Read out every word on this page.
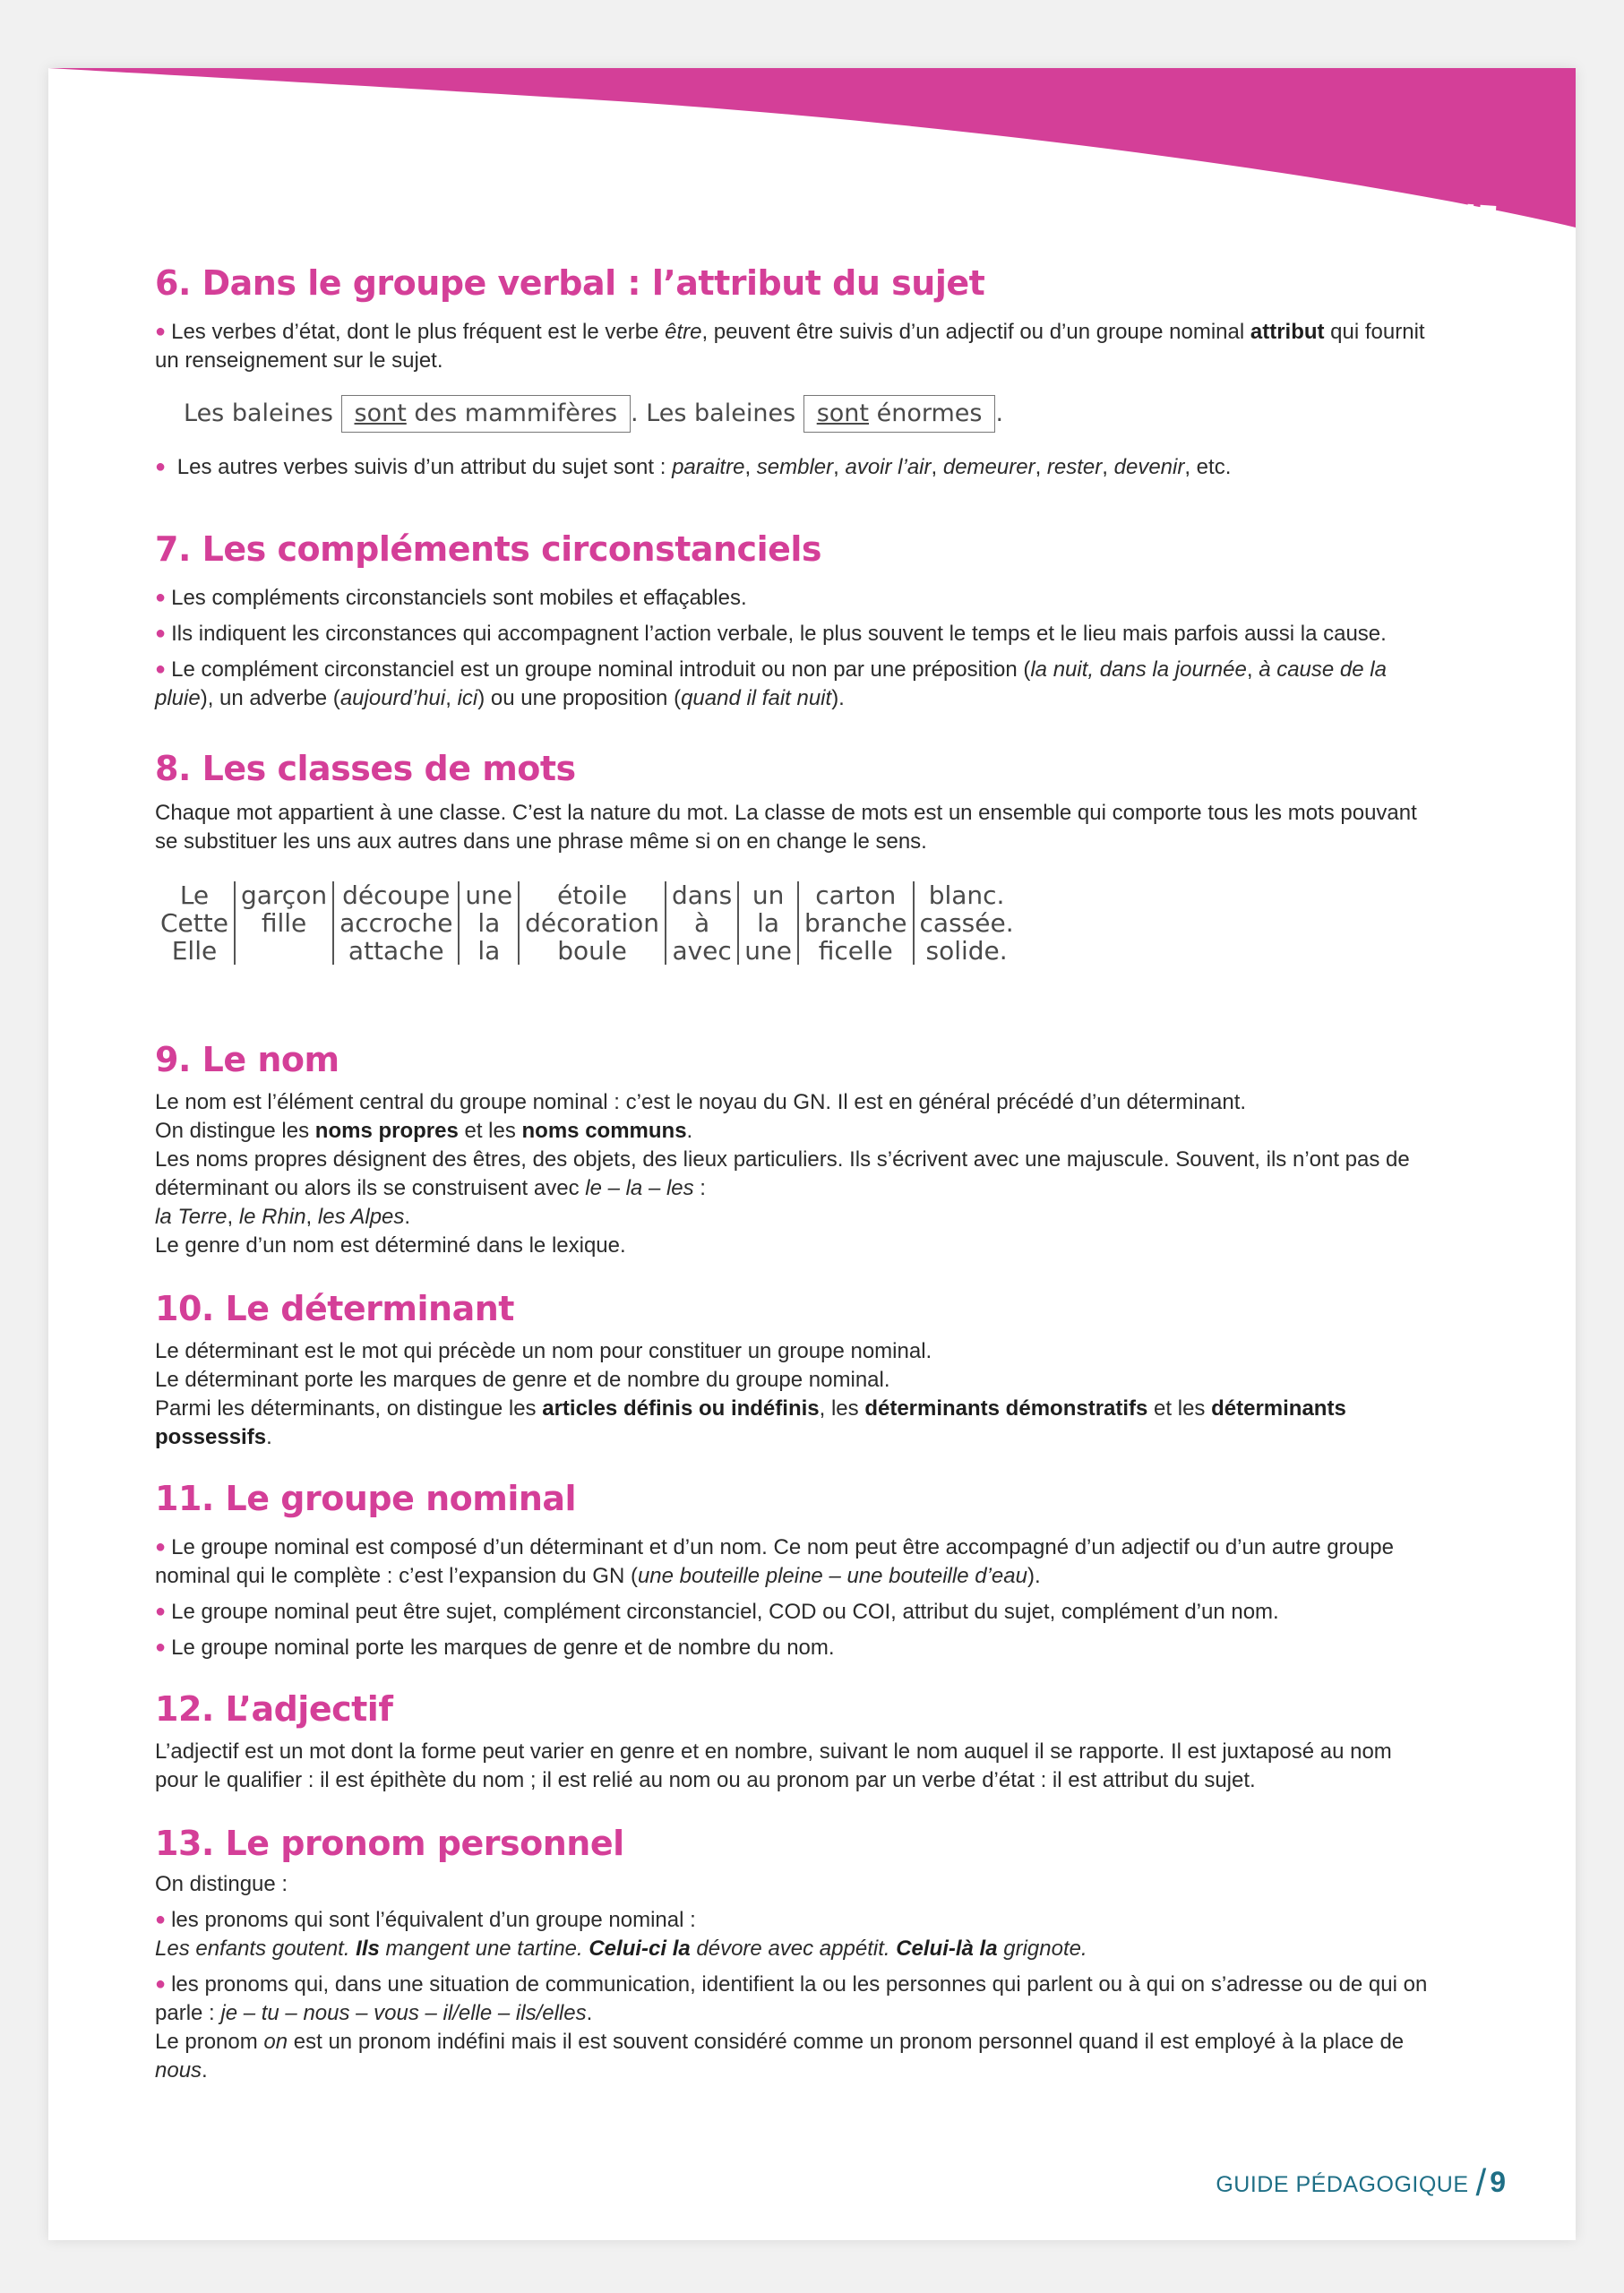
GUIDE PÉDAGOGIQUE
6. Dans le groupe verbal : l’attribut du sujet

● Les verbes d’état, dont le plus fréquent est le verbe être, peuvent être suivis d’un adjectif ou d’un groupe nominal attribut qui fournit un renseignement sur le sujet.

Les baleines sont des mammifères . Les baleines sont énormes .

● Les autres verbes suivis d’un attribut du sujet sont : paraitre, sembler, avoir l’air, demeurer, rester, devenir, etc.

7. Les compléments circonstanciels

● Les compléments circonstanciels sont mobiles et effaçables.

● Ils indiquent les circonstances qui accompagnent l’action verbale, le plus souvent le temps et le lieu mais parfois aussi la cause.

● Le complément circonstanciel est un groupe nominal introduit ou non par une préposition (la nuit, dans la journée, à cause de la pluie), un adverbe (aujourd’hui, ici) ou une proposition (quand il fait nuit).

8. Les classes de mots

Chaque mot appartient à une classe. C’est la nature du mot. La classe de mots est un ensemble qui comporte tous les mots pouvant se substituer les uns aux autres dans une phrase même si on en change le sens.

Le
Cette
Elle
garçon
fille

découpe
accroche
attache
une
la
la
étoile
décoration
boule
dans
à
avec
un
la
une
carton
branche
ficelle
blanc.
cassée.
solide.
9. Le nom

Le nom est l’élément central du groupe nominal : c’est le noyau du GN. Il est en général précédé d’un déterminant.

On distingue les noms propres et les noms communs.

Les noms propres désignent des êtres, des objets, des lieux particuliers. Ils s’écrivent avec une majuscule. Souvent, ils n’ont pas de déterminant ou alors ils se construisent avec le – la – les :

la Terre, le Rhin, les Alpes.

Le genre d’un nom est déterminé dans le lexique.

10. Le déterminant

Le déterminant est le mot qui précède un nom pour constituer un groupe nominal.

Le déterminant porte les marques de genre et de nombre du groupe nominal.

Parmi les déterminants, on distingue les articles définis ou indéfinis, les déterminants démonstratifs et les déterminants possessifs.

11. Le groupe nominal

● Le groupe nominal est composé d’un déterminant et d’un nom. Ce nom peut être accompagné d’un adjectif ou d’un autre groupe nominal qui le complète : c’est l’expansion du GN (une bouteille pleine – une bouteille d’eau).

● Le groupe nominal peut être sujet, complément circonstanciel, COD ou COI, attribut du sujet, complément d’un nom.

● Le groupe nominal porte les marques de genre et de nombre du nom.

12. L’adjectif

L’adjectif est un mot dont la forme peut varier en genre et en nombre, suivant le nom auquel il se rapporte. Il est juxtaposé au nom pour le qualifier : il est épithète du nom ; il est relié au nom ou au pronom par un verbe d’état : il est attribut du sujet.

13. Le pronom personnel

On distingue :

● les pronoms qui sont l’équivalent d’un groupe nominal :

Les enfants goutent. Ils mangent une tartine. Celui-ci la dévore avec appétit. Celui-là la grignote.

● les pronoms qui, dans une situation de communication, identifient la ou les personnes qui parlent ou à qui on s’adresse ou de qui on parle : je – tu – nous – vous – il/elle – ils/elles.

Le pronom on est un pronom indéfini mais il est souvent considéré comme un pronom personnel quand il est employé à la place de nous.

GUIDE PÉDAGOGIQUE / 9
